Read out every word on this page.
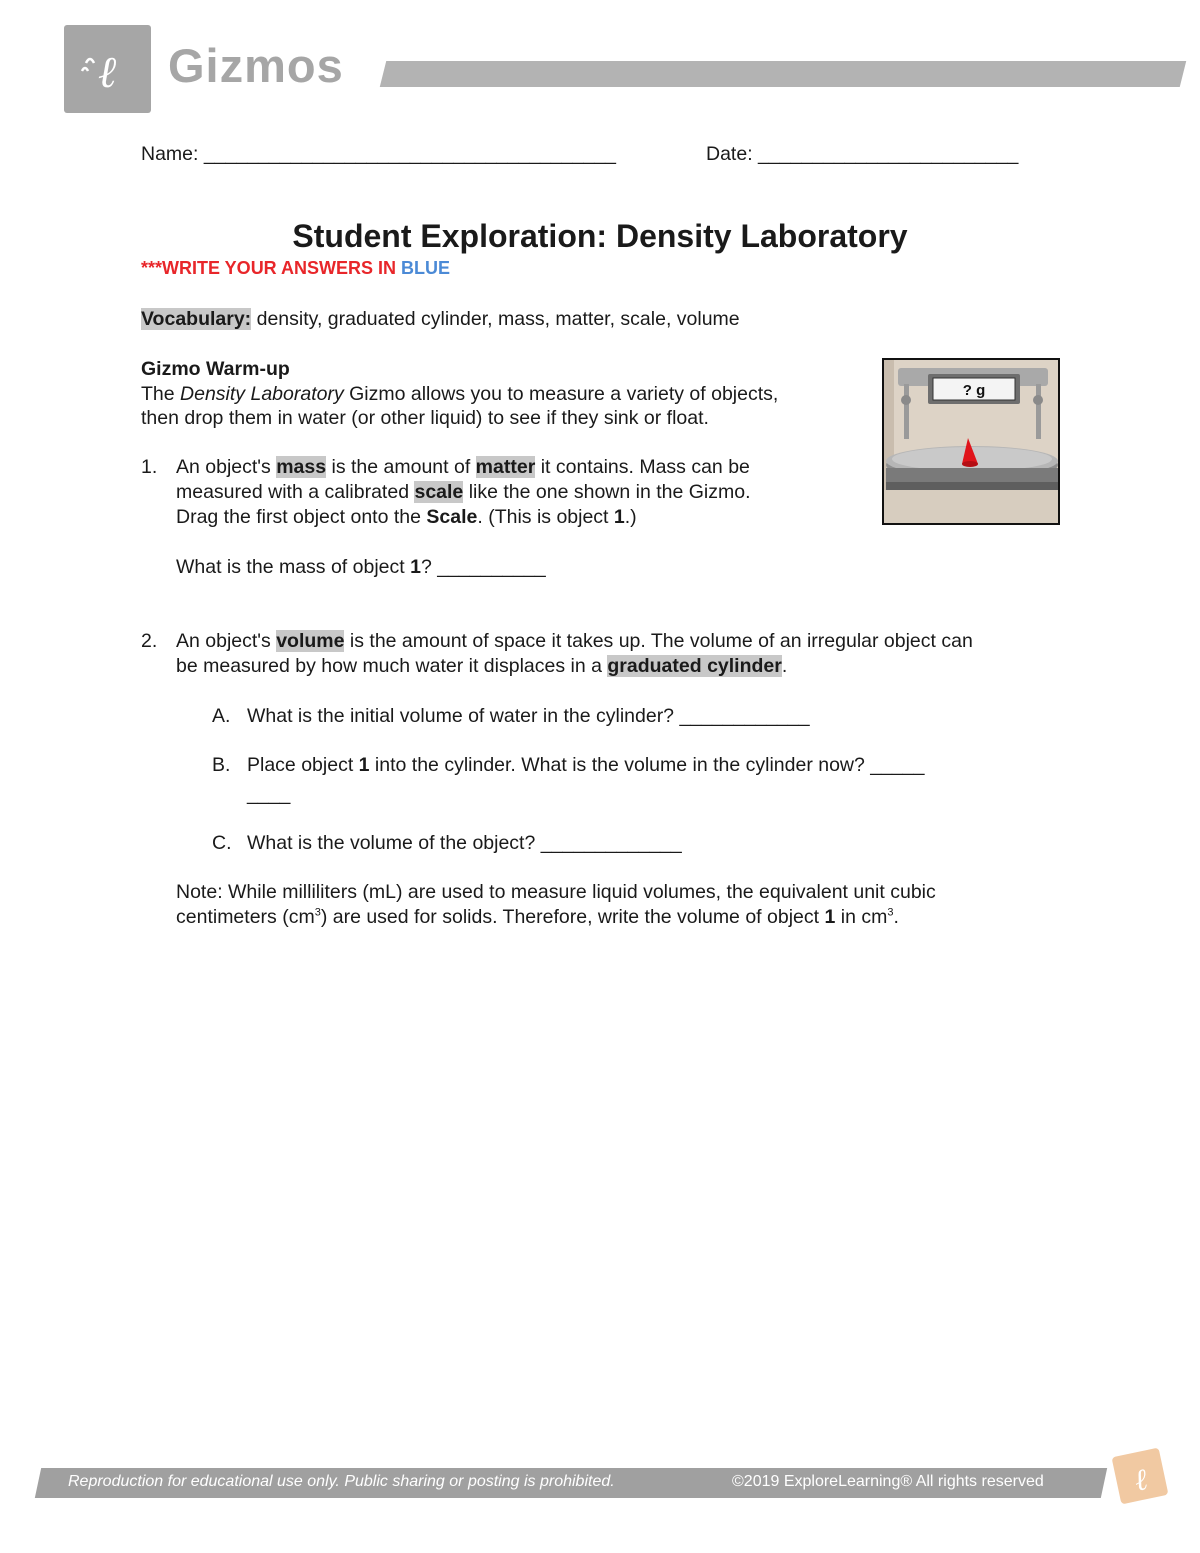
ℓ Gizmos
Name: ______________________________________	Date: ________________________
Student Exploration: Density Laboratory
***WRITE YOUR ANSWERS IN BLUE
Vocabulary: density, graduated cylinder, mass, matter, scale, volume
Gizmo Warm-up
The Density Laboratory Gizmo allows you to measure a variety of objects,
then drop them in water (or other liquid) to see if they sink or float.
? g
1. An object's mass is the amount of matter it contains. Mass can be
measured with a calibrated scale like the one shown in the Gizmo.
Drag the first object onto the Scale. (This is object 1.)
What is the mass of object 1? __________
2. An object's volume is the amount of space it takes up. The volume of an irregular object can
be measured by how much water it displaces in a graduated cylinder.
A. What is the initial volume of water in the cylinder? ____________
B. Place object 1 into the cylinder. What is the volume in the cylinder now? _____
____
C. What is the volume of the object? _____________
Note: While milliliters (mL) are used to measure liquid volumes, the equivalent unit cubic
centimeters $(cm^3)$ are used for solids. Therefore, write the volume of object 1 in $cm^3$.
Reproduction for educational use only. Public sharing or posting is prohibited.	©2019 ExploreLearning® All rights reserved	ℓ
